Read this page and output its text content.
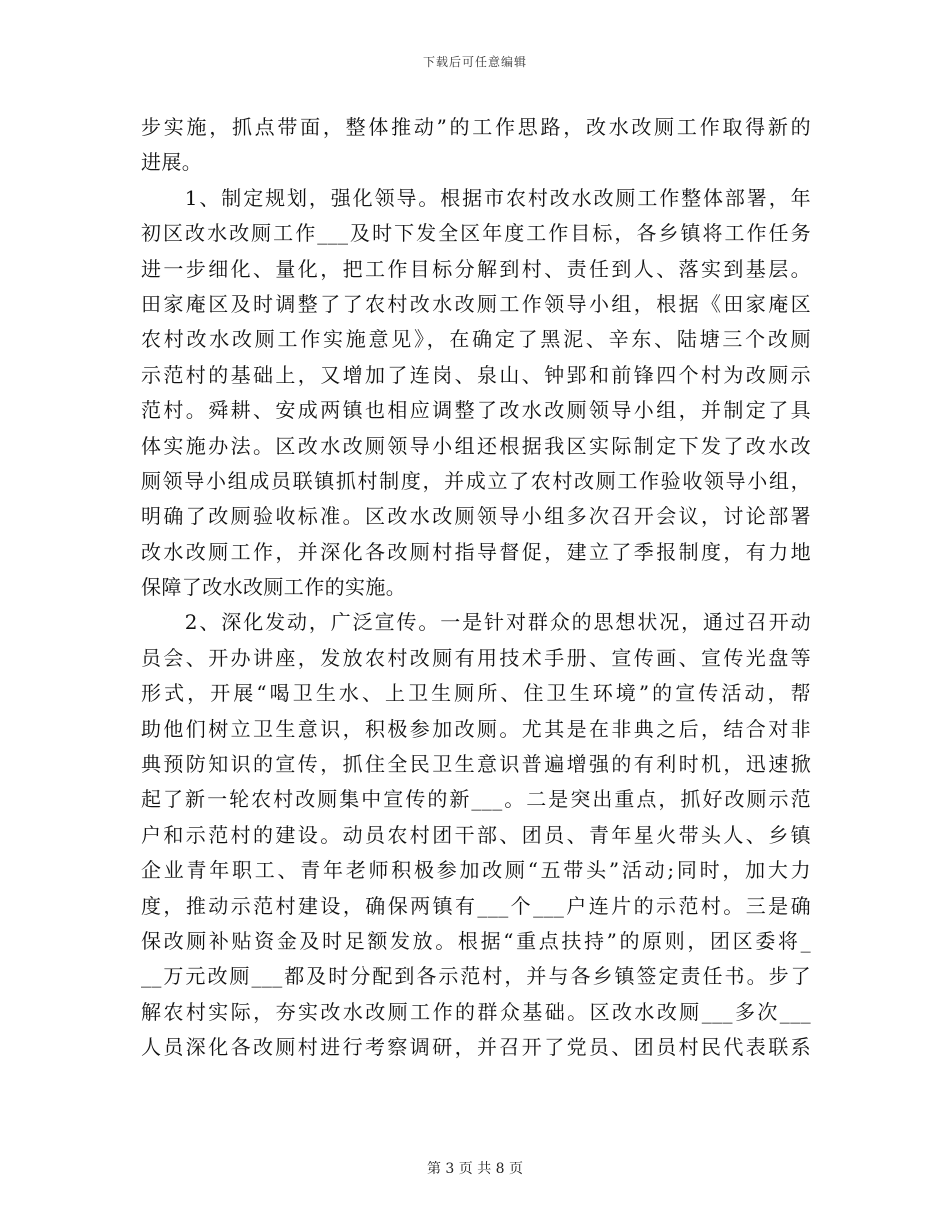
下载后可任意编辑
步实施，抓点带面，整体推动”的工作思路，改水改厕工作取得新的
进展。
　　1、制定规划，强化领导。根据市农村改水改厕工作整体部署，年
初区改水改厕工作___及时下发全区年度工作目标，各乡镇将工作任务
进一步细化、量化，把工作目标分解到村、责任到人、落实到基层。
田家庵区及时调整了了农村改水改厕工作领导小组，根据《田家庵区
农村改水改厕工作实施意见》，在确定了黑泥、辛东、陆塘三个改厕
示范村的基础上，又增加了连岗、泉山、钟郢和前锋四个村为改厕示
范村。舜耕、安成两镇也相应调整了改水改厕领导小组，并制定了具
体实施办法。区改水改厕领导小组还根据我区实际制定下发了改水改
厕领导小组成员联镇抓村制度，并成立了农村改厕工作验收领导小组，
明确了改厕验收标准。区改水改厕领导小组多次召开会议，讨论部署
改水改厕工作，并深化各改厕村指导督促，建立了季报制度，有力地
保障了改水改厕工作的实施。
　　2、深化发动，广泛宣传。一是针对群众的思想状况，通过召开动
员会、开办讲座，发放农村改厕有用技术手册、宣传画、宣传光盘等
形式，开展“喝卫生水、上卫生厕所、住卫生环境”的宣传活动，帮
助他们树立卫生意识，积极参加改厕。尤其是在非典之后，结合对非
典预防知识的宣传，抓住全民卫生意识普遍增强的有利时机，迅速掀
起了新一轮农村改厕集中宣传的新___。二是突出重点，抓好改厕示范
户和示范村的建设。动员农村团干部、团员、青年星火带头人、乡镇
企业青年职工、青年老师积极参加改厕“五带头”活动;同时，加大力
度，推动示范村建设，确保两镇有___个___户连片的示范村。三是确
保改厕补贴资金及时足额发放。根据“重点扶持”的原则，团区委将_
__万元改厕___都及时分配到各示范村，并与各乡镇签定责任书。步了
解农村实际，夯实改水改厕工作的群众基础。区改水改厕___多次___
人员深化各改厕村进行考察调研，并召开了党员、团员村民代表联系
第 3 页 共 8 页
